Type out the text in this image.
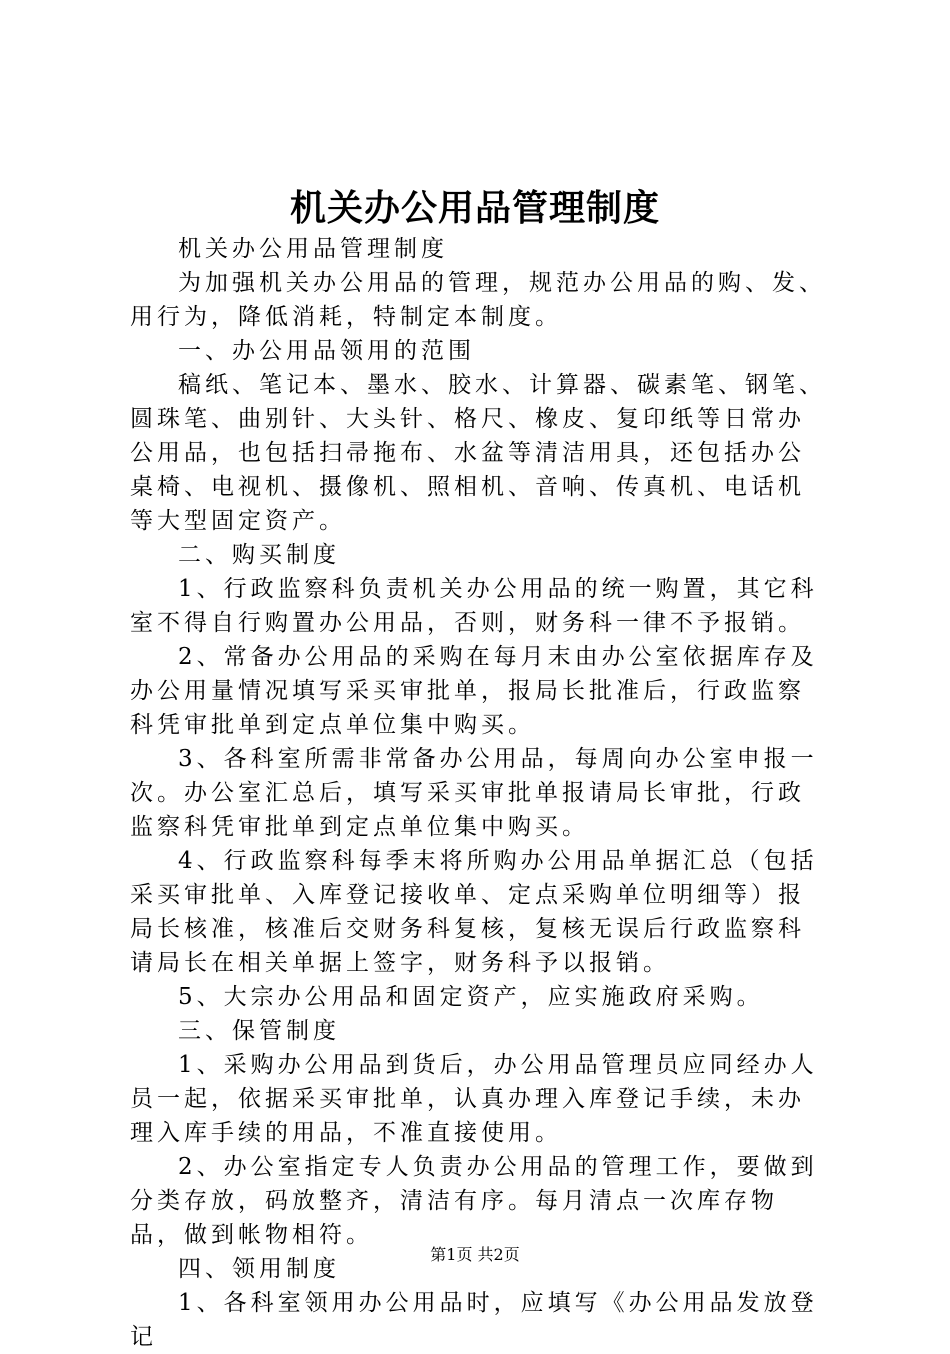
机关办公用品管理制度

机关办公用品管理制度

为加强机关办公用品的管理，规范办公用品的购、发、用行为，降低消耗，特制定本制度。

一、办公用品领用的范围

稿纸、笔记本、墨水、胶水、计算器、碳素笔、钢笔、圆珠笔、曲别针、大头针、格尺、橡皮、复印纸等日常办公用品，也包括扫帚拖布、水盆等清洁用具，还包括办公桌椅、电视机、摄像机、照相机、音响、传真机、电话机等大型固定资产。

二、购买制度

1、行政监察科负责机关办公用品的统一购置，其它科室不得自行购置办公用品，否则，财务科一律不予报销。

2、常备办公用品的采购在每月末由办公室依据库存及办公用量情况填写采买审批单，报局长批准后，行政监察科凭审批单到定点单位集中购买。

3、各科室所需非常备办公用品，每周向办公室申报一次。办公室汇总后，填写采买审批单报请局长审批，行政监察科凭审批单到定点单位集中购买。

4、行政监察科每季末将所购办公用品单据汇总（包括采买审批单、入库登记接收单、定点采购单位明细等）报局长核准，核准后交财务科复核，复核无误后行政监察科请局长在相关单据上签字，财务科予以报销。

5、大宗办公用品和固定资产，应实施政府采购。

三、保管制度

1、采购办公用品到货后，办公用品管理员应同经办人员一起，依据采买审批单，认真办理入库登记手续，未办理入库手续的用品，不准直接使用。

2、办公室指定专人负责办公用品的管理工作，要做到分类存放，码放整齐，清洁有序。每月清点一次库存物品，做到帐物相符。

四、领用制度

1、各科室领用办公用品时，应填写《办公用品发放登记

第1页 共2页
